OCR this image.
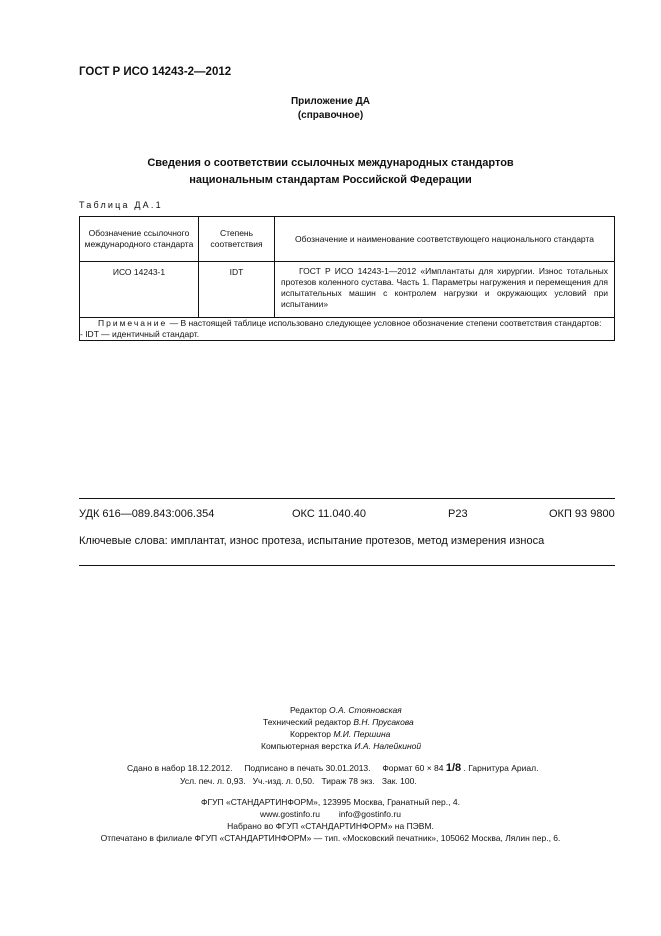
ГОСТ Р ИСО 14243-2—2012
Приложение ДА
(справочное)
Сведения о соответствии ссылочных международных стандартов
национальным стандартам Российской Федерации
Таблица ДА.1
Обозначение ссылочного международного стандарта	Степень соответствия	Обозначение и наименование соответствующего национального стандарта
ИСО 14243-1	IDT	ГОСТ Р ИСО 14243-1—2012 «Имплантаты для хирургии. Износ тотальных протезов коленного сустава. Часть 1. Параметры нагружения и перемещения для испытательных машин с контролем нагрузки и окружающих условий при испытании»

Примечание — В настоящей таблице использовано следующее условное обозначение степени соответствия стандартов:
- IDT — идентичный стандарт.		
УДК 616—089.843:006.354	ОКС 11.040.40	Р23	ОКП 93 9800
Ключевые слова: имплантат, износ протеза, испытание протезов, метод измерения износа
Редактор О.А. Стояновская
Технический редактор В.Н. Прусакова
Корректор М.И. Першина
Компьютерная верстка И.А. Налейкиной
Сдано в набор 18.12.2012. Подписано в печать 30.01.2013. Формат 60 × 84 1/8 . Гарнитура Ариал.
Усл. печ. л. 0,93.   Уч.-изд. л. 0,50.   Тираж 78 экз.   Зак. 100.
ФГУП «СТАНДАРТИНФОРМ», 123995 Москва, Гранатный пер., 4.
www.gostinfo.ru        info@gostinfo.ru
Набрано во ФГУП «СТАНДАРТИНФОРМ» на ПЭВМ.
Отпечатано в филиале ФГУП «СТАНДАРТИНФОРМ» — тип. «Московский печатник», 105062 Москва, Лялин пер., 6.
